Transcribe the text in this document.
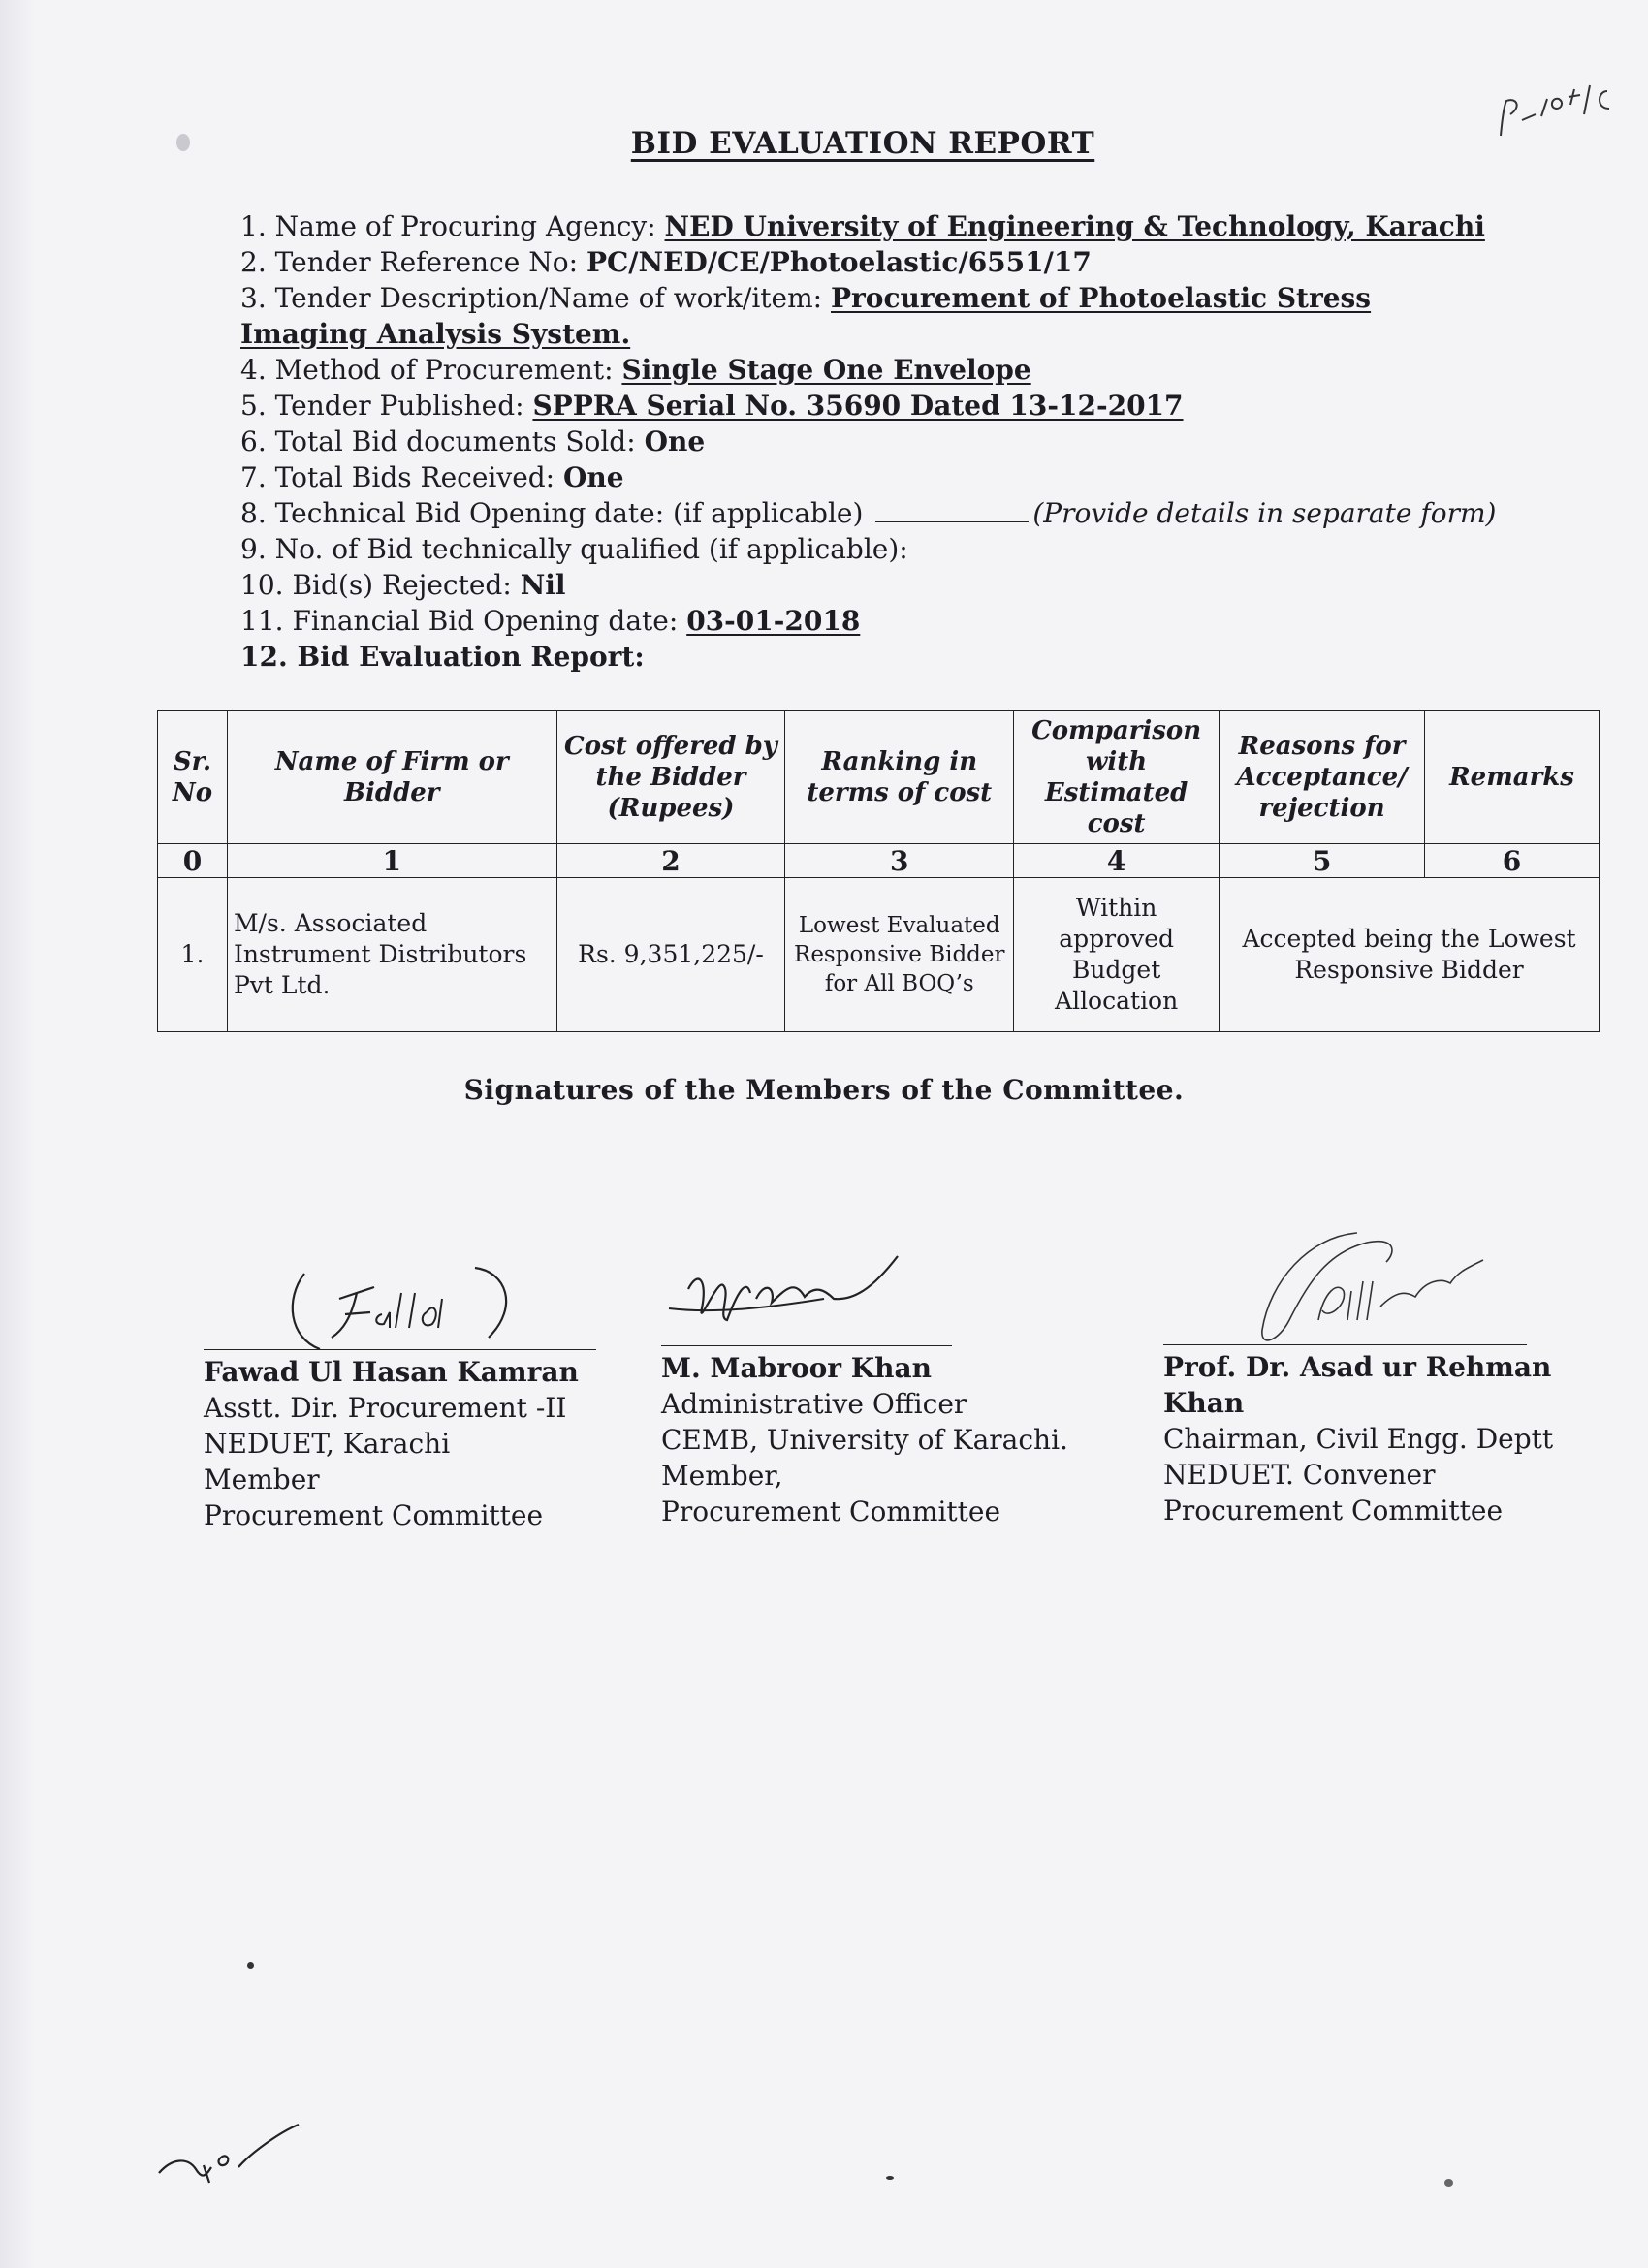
BID EVALUATION REPORT
1. Name of Procuring Agency: NED University of Engineering & Technology, Karachi
2. Tender Reference No: PC/NED/CE/Photoelastic/6551/17
3. Tender Description/Name of work/item: Procurement of Photoelastic Stress
Imaging Analysis System.
4. Method of Procurement: Single Stage One Envelope
5. Tender Published: SPPRA Serial No. 35690 Dated 13-12-2017
6. Total Bid documents Sold: One
7. Total Bids Received: One
8. Technical Bid Opening date: (if applicable)	(Provide details in separate form)
9. No. of Bid technically qualified (if applicable):
10. Bid(s) Rejected: Nil
11. Financial Bid Opening date: 03-01-2018
12. Bid Evaluation Report:
Sr. No	Name of Firm or Bidder	Cost offered by the Bidder (Rupees)	Ranking in terms of cost	Comparison with Estimated cost	Reasons for Acceptance/ rejection	Remarks
0	1	2	3	4	5	6
1.	M/s. Associated Instrument Distributors Pvt Ltd.	Rs. 9,351,225/-	Lowest Evaluated Responsive Bidder for All BOQ’s	Within approved Budget Allocation	Accepted being the Lowest Responsive Bidder	
Signatures of the Members of the Committee.
Fawad Ul Hasan Kamran
Asstt. Dir. Procurement -II
NEDUET, Karachi
Member
Procurement Committee
M. Mabroor Khan
Administrative Officer
CEMB, University of Karachi.
Member,
Procurement Committee
Prof. Dr. Asad ur Rehman Khan
Chairman, Civil Engg. Deptt
NEDUET. Convener
Procurement Committee
